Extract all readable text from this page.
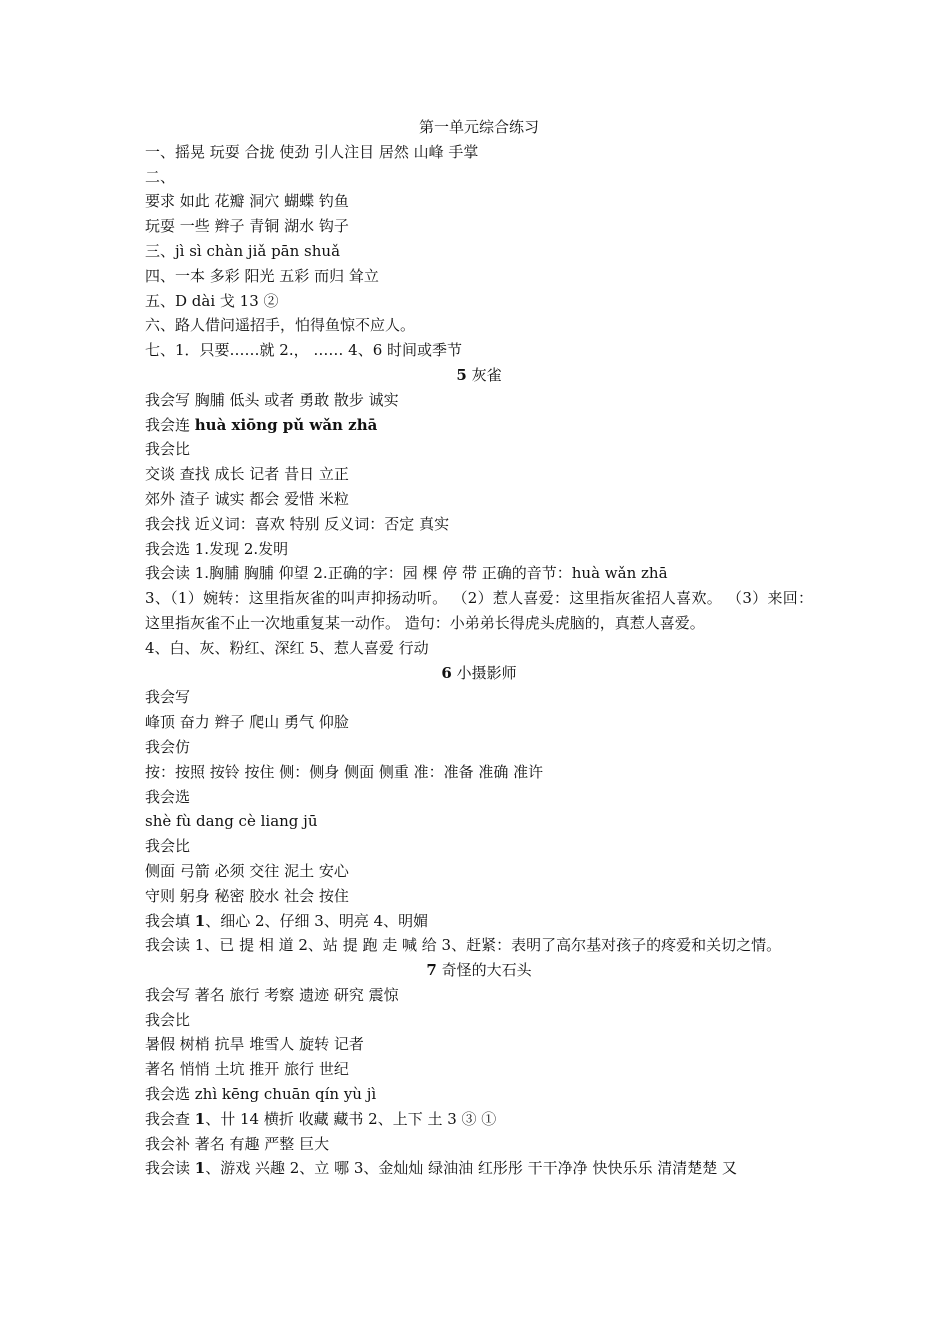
第一单元综合练习
一、摇晃 玩耍 合拢 使劲 引人注目 居然 山峰 手掌
二、
要求 如此 花瓣 洞穴 蝴蝶 钓鱼
玩耍 一些 辫子 青铜 湖水 钩子
三、jì sì chàn jiǎ pān shuǎ
四、一本 多彩 阳光 五彩 而归 耸立
五、D dài 戈 13 ②
六、路人借问遥招手，怕得鱼惊不应人。
七、1．只要……就 2.， …… 4、6 时间或季节
5 灰雀
我会写 胸脯 低头 或者 勇敢 散步 诚实
我会连 huà xiōng pǔ wǎn zhā
我会比
交谈 查找 成长 记者 昔日 立正
郊外 渣子 诚实 都会 爱惜 米粒
我会找 近义词：喜欢 特别 反义词：否定 真实
我会选 1.发现 2.发明
我会读 1.胸脯 胸脯 仰望 2.正确的字：园 棵 停 带 正确的音节：huà wǎn zhā
3、（1）婉转：这里指灰雀的叫声抑扬动听。 （2）惹人喜爱：这里指灰雀招人喜欢。 （3）来回：这里指灰雀不止一次地重复某一动作。 造句：小弟弟长得虎头虎脑的，真惹人喜爱。
4、白、灰、粉红、深红 5、惹人喜爱 行动
6 小摄影师
我会写
峰顶 奋力 辫子 爬山 勇气 仰脸
我会仿
按：按照 按铃 按住 侧：侧身 侧面 侧重 准：准备 准确 准许
我会选
shè fù dang cè liang jū
我会比
侧面 弓箭 必须 交往 泥土 安心
守则 躬身 秘密 胶水 社会 按住
我会填 1、细心 2、仔细 3、明亮 4、明媚
我会读 1、已 提 相 道 2、站 提 跑 走 喊 给 3、赶紧：表明了高尔基对孩子的疼爱和关切之情。
7 奇怪的大石头
我会写 著名 旅行 考察 遗迹 研究 震惊
我会比
暑假 树梢 抗旱 堆雪人 旋转 记者
著名 悄悄 土坑 推开 旅行 世纪
我会选 zhì kēng chuān qín yù jì
我会查 1、卄 14 横折 收藏 藏书 2、上下 土 3 ③ ①
我会补 著名 有趣 严整 巨大
我会读 1、游戏 兴趣 2、立 哪 3、金灿灿 绿油油 红彤彤 干干净净 快快乐乐 清清楚楚 又
